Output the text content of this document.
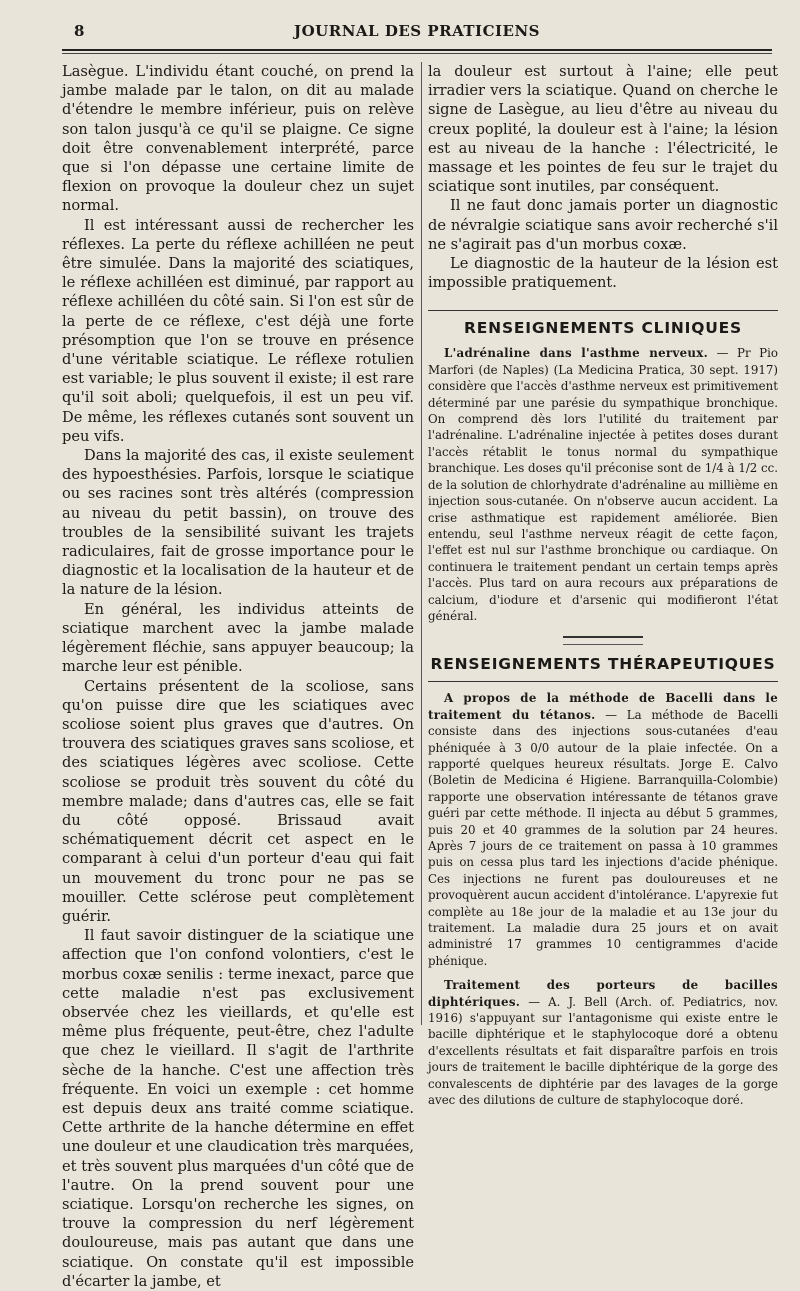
8	JOURNAL DES PRATICIENS

Lasègue. L'individu étant couché, on prend la jambe malade par le talon, on dit au malade d'étendre le membre inférieur, puis on relève son talon jusqu'à ce qu'il se plaigne. Ce signe doit être convenablement interprété, parce que si l'on dépasse une certaine limite de flexion on provoque la douleur chez un sujet normal.

Il est intéressant aussi de rechercher les réflexes. La perte du réflexe achilléen ne peut être simulée. Dans la majorité des sciatiques, le réflexe achilléen est diminué, par rapport au réflexe achilléen du côté sain. Si l'on est sûr de la perte de ce réflexe, c'est déjà une forte présomption que l'on se trouve en présence d'une véritable sciatique. Le réflexe rotulien est variable; le plus souvent il existe; il est rare qu'il soit aboli; quelquefois, il est un peu vif. De même, les réflexes cutanés sont souvent un peu vifs.

Dans la majorité des cas, il existe seulement des hypoesthésies. Parfois, lorsque le sciatique ou ses racines sont très altérés (compression au niveau du petit bassin), on trouve des troubles de la sensibilité suivant les trajets radiculaires, fait de grosse importance pour le diagnostic et la localisation de la hauteur et de la nature de la lésion.

En général, les individus atteints de sciatique marchent avec la jambe malade légèrement fléchie, sans appuyer beaucoup; la marche leur est pénible.

Certains présentent de la scoliose, sans qu'on puisse dire que les sciatiques avec scoliose soient plus graves que d'autres. On trouvera des sciatiques graves sans scoliose, et des sciatiques légères avec scoliose. Cette scoliose se produit très souvent du côté du membre malade; dans d'autres cas, elle se fait du côté opposé. Brissaud avait schématiquement décrit cet aspect en le comparant à celui d'un porteur d'eau qui fait un mouvement du tronc pour ne pas se mouiller. Cette sclérose peut complètement guérir.

Il faut savoir distinguer de la sciatique une affection que l'on confond volontiers, c'est le morbus coxæ senilis : terme inexact, parce que cette maladie n'est pas exclusivement observée chez les vieillards, et qu'elle est même plus fréquente, peut-être, chez l'adulte que chez le vieillard. Il s'agit de l'arthrite sèche de la hanche. C'est une affection très fréquente. En voici un exemple : cet homme est depuis deux ans traité comme sciatique. Cette arthrite de la hanche détermine en effet une douleur et une claudication très marquées, et très souvent plus marquées d'un côté que de l'autre. On la prend souvent pour une sciatique. Lorsqu'on recherche les signes, on trouve la compression du nerf légèrement douloureuse, mais pas autant que dans une sciatique. On constate qu'il est impossible d'écarter la jambe, et

la douleur est surtout à l'aine; elle peut irradier vers la sciatique. Quand on cherche le signe de Lasègue, au lieu d'être au niveau du creux poplité, la douleur est à l'aine; la lésion est au niveau de la hanche : l'électricité, le massage et les pointes de feu sur le trajet du sciatique sont inutiles, par conséquent.

Il ne faut donc jamais porter un diagnostic de névralgie sciatique sans avoir recherché s'il ne s'agirait pas d'un morbus coxæ.

Le diagnostic de la hauteur de la lésion est impossible pratiquement.

RENSEIGNEMENTS CLINIQUES

L'adrénaline dans l'asthme nerveux. — Pr Pio Marfori (de Naples) (La Medicina Pratica, 30 sept. 1917) considère que l'accès d'asthme nerveux est primitivement déterminé par une parésie du sympathique bronchique. On comprend dès lors l'utilité du traitement par l'adrénaline. L'adrénaline injectée à petites doses durant l'accès rétablit le tonus normal du sympathique branchique. Les doses qu'il préconise sont de 1/4 à 1/2 cc. de la solution de chlorhydrate d'adrénaline au millième en injection sous-cutanée. On n'observe aucun accident. La crise asthmatique est rapidement améliorée. Bien entendu, seul l'asthme nerveux réagit de cette façon, l'effet est nul sur l'asthme bronchique ou cardiaque. On continuera le traitement pendant un certain temps après l'accès. Plus tard on aura recours aux préparations de calcium, d'iodure et d'arsenic qui modifieront l'état général.

RENSEIGNEMENTS THÉRAPEUTIQUES

A propos de la méthode de Bacelli dans le traitement du tétanos. — La méthode de Bacelli consiste dans des injections sous-cutanées d'eau phéniquée à 3 0/0 autour de la plaie infectée. On a rapporté quelques heureux résultats. Jorge E. Calvo (Boletin de Medicina é Higiene. Barranquilla-Colombie) rapporte une observation intéressante de tétanos grave guéri par cette méthode. Il injecta au début 5 grammes, puis 20 et 40 grammes de la solution par 24 heures. Après 7 jours de ce traitement on passa à 10 grammes puis on cessa plus tard les injections d'acide phénique. Ces injections ne furent pas douloureuses et ne provoquèrent aucun accident d'intolérance. L'apyrexie fut complète au 18e jour de la maladie et au 13e jour du traitement. La maladie dura 25 jours et on avait administré 17 grammes 10 centigrammes d'acide phénique.

Traitement des porteurs de bacilles diphtériques. — A. J. Bell (Arch. of. Pediatrics, nov. 1916) s'appuyant sur l'antagonisme qui existe entre le bacille diphtérique et le staphylocoque doré a obtenu d'excellents résultats et fait disparaître parfois en trois jours de traitement le bacille diphtérique de la gorge des convalescents de diphtérie par des lavages de la gorge avec des dilutions de culture de staphylocoque doré.
